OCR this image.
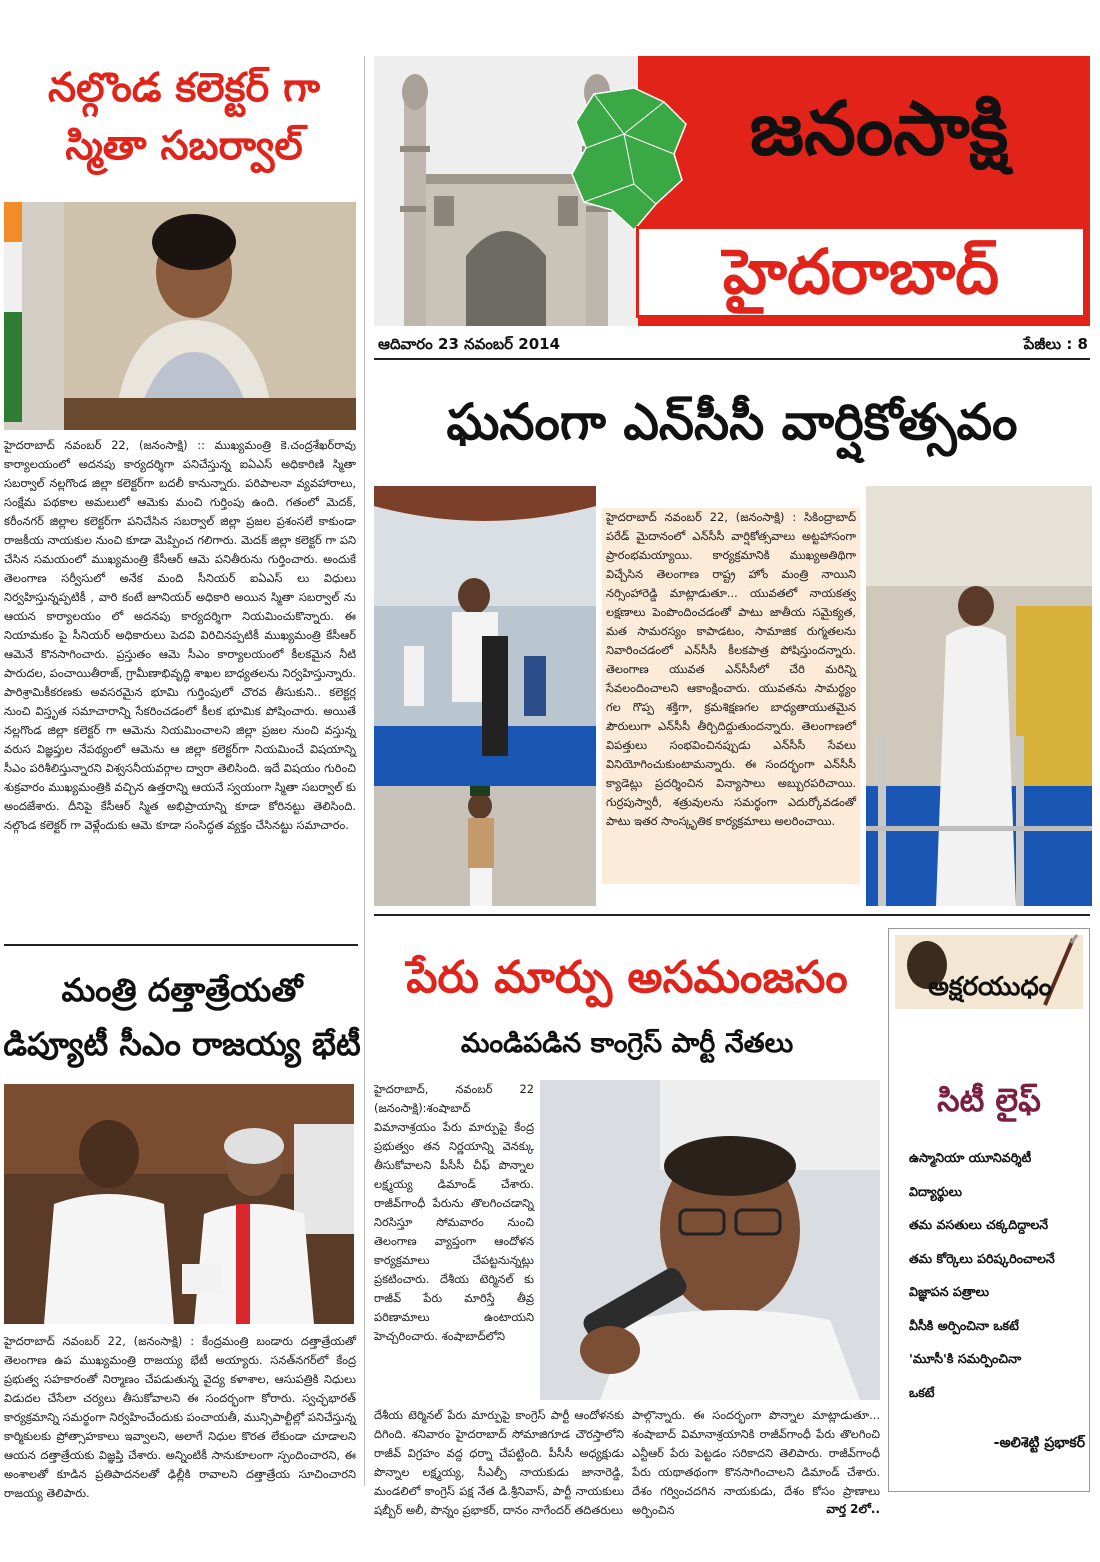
నల్గొండ కలెక్టర్ గా
స్మితా సబర్వాల్
హైదరాబాద్ నవంబర్ 22, (జనంసాక్షి) :: ముఖ్యమంత్రి కె.చంద్రశేఖర్‌రావు కార్యాలయంలో అదనపు కార్యదర్శిగా పనిచేస్తున్న ఐఏఎస్ అధికారిణి స్మితా సబర్వాల్ నల్లగొండ జిల్లా కలెక్టర్‌గా బదలీ కానున్నారు. పరిపాలనా వ్యవహారాలు, సంక్షేమ పథకాల అమలులో ఆమెకు మంచి గుర్తింపు ఉంది. గతంలో మెదక్, కరీంనగర్ జిల్లాల కలెక్టర్‌గా పనిచేసిన సబర్వాల్ జిల్లా ప్రజల ప్రశంసలే కాకుండా రాజకీయ నాయకుల నుంచి కూడా మెప్పించ గలిగారు. మెదక్ జిల్లా కలెక్టర్ గా పని చేసిన సమయంలో ముఖ్యమంత్రి కేసీఆర్ ఆమె పనితీరును గుర్తించారు. అందుకే తెలంగాణ సర్వీసులో అనేక మంది సీనియర్ ఐఏఎస్ లు విధులు నిర్వహిస్తున్నప్పటికీ , వారి కంటే జూనియర్ అధికారి అయిన స్మితా సబర్వాల్ ను ఆయన కార్యాలయం లో అదనపు కార్యదర్శిగా నియమించుకొన్నారు. ఈ నియామకం పై సీనియర్ అధికారులు పెదవి విరిచినప్పటికీ ముఖ్యమంత్రి కేసీఆర్ ఆమెనే కొనసాగించారు. ప్రస్తుతం ఆమె సీఎం కార్యాలయంలో కీలకమైన నీటి పారుదల, పంచాయితీరాజ్, గ్రామీణాభివృద్ధి శాఖల బాధ్యతలను నిర్వహిస్తున్నారు. పారిశ్రామికీకరణకు అవసరమైన భూమి గుర్తింపులో చొరవ తీసుకుని.. కలెక్టర్ల నుంచి విస్తృత సమాచారాన్ని సేకరించడంలో కీలక భూమిక పోషించారు. అయితే నల్లగొండ జిల్లా కలెక్టర్ గా ఆమెను నియమించాలని జిల్లా ప్రజల నుంచి వస్తున్న వరుస విజ్ఞప్తుల నేపథ్యంలో ఆమెను ఆ జిల్లా కలెక్టర్‌గా నియమించే విషయాన్ని సీఎం పరిశీలిస్తున్నారని విశ్వసనీయవర్గాల ద్వారా తెలిసింది. ఇదే విషయం గురించి శుక్రవారం ముఖ్యమంత్రికి వచ్చిన ఉత్తరాన్ని ఆయనే స్వయంగా స్మితా సబర్వాల్ కు అందజేశారు. దీనిపై కేసీఆర్ స్మిత అభిప్రాయాన్ని కూడా కోరినట్టు తెలిసింది. నల్గొండ కలెక్టర్ గా వెళ్లేందుకు ఆమె కూడా సంసిద్ధత వ్యక్తం చేసినట్టు సమాచారం.
జనంసాక్షి
హైదరాబాద్
ఆదివారం 23 నవంబర్ 2014	పేజీలు : 8
ఘనంగా ఎన్‌సీసీ వార్షికోత్సవం
హైదరాబాద్ నవంబర్ 22, (జనంసాక్షి) : సికింద్రాబాద్ పరేడ్ మైదానంలో ఎన్‌సీసీ వార్షికోత్సవాలు అట్టహాసంగా ప్రారంభమయ్యాయి. కార్యక్రమానికి ముఖ్యఅతిథిగా విచ్చేసిన తెలంగాణ రాష్ట్ర హోం మంత్రి నాయిని నర్సింహారెడ్డి మాట్లాడుతూ... యువతలో నాయకత్వ లక్షణాలు పెంపొందించడంతో పాటు జాతీయ సమైక్యత, మత సామరస్యం కాపాడటం, సామాజిక రుగ్మతలను నివారించడంలో ఎన్‌సీసీ కీలకపాత్ర పోషిస్తుందన్నారు. తెలంగాణ యువత ఎన్‌సీసీలో చేరి మరిన్ని సేవలందించాలని ఆకాంక్షించారు. యువతను సామర్థ్యం గల గొప్ప శక్తిగా, క్రమశిక్షణగల బాధ్యతాయుతమైన పౌరులుగా ఎన్‌సీసీ తీర్చిదిద్దుతుందన్నారు. తెలంగాణలో విపత్తులు సంభవించినప్పుడు ఎన్‌సీసీ సేవలు వినియోగించుకుంటామన్నారు. ఈ సందర్భంగా ఎన్‌సీసీ క్యాడెట్లు ప్రదర్శించిన విన్యాసాలు అబ్బురపరిచాయి. గుర్రపుస్వారీ, శత్రువులను సమర్థంగా ఎదుర్కోవడంతో పాటు ఇతర సాంస్కృతిక కార్యక్రమాలు అలరించాయి.
మంత్రి దత్తాత్రేయతో
డిప్యూటీ సీఎం రాజయ్య భేటీ
హైదరాబాద్ నవంబర్ 22, (జనంసాక్షి) : కేంద్రమంత్రి బండారు దత్తాత్రేయతో తెలంగాణ ఉప ముఖ్యమంత్రి రాజయ్య భేటీ అయ్యారు. సనత్‌నగర్‌లో కేంద్ర ప్రభుత్వ సహకారంతో నిర్మాణం చేపడుతున్న వైద్య కళాశాల, ఆసుపత్రికి నిధులు విడుదల చేసేలా చర్యలు తీసుకోవాలని ఈ సందర్భంగా కోరారు. స్వచ్ఛభారత్ కార్యక్రమాన్ని సమర్థంగా నిర్వహించేందుకు పంచాయతీ, మున్సిపాల్టీల్లో పనిచేస్తున్న కార్మికులకు ప్రోత్సాహకాలు ఇవ్వాలని, అలాగే నిధుల కొరత లేకుండా చూడాలని ఆయన దత్తాత్రేయకు విజ్ఞప్తి చేశారు. అన్నింటికీ సానుకూలంగా స్పందించారని, ఈ అంశాలతో కూడిన ప్రతిపాదనలతో ఢిల్లీకి రావాలని దత్తాత్రేయ సూచించారని రాజయ్య తెలిపారు.
పేరు మార్పు అసమంజసం
మండిపడిన కాంగ్రెస్ పార్టీ నేతలు
హైదరాబాద్, నవంబర్ 22 (జనంసాక్షి):శంషాబాద్ విమానాశ్రయం పేరు మార్పుపై కేంద్ర ప్రభుత్వం తన నిర్ణయాన్ని వెనక్కు తీసుకోవాలని పీసీసీ చీఫ్ పొన్నాల లక్ష్మయ్య డిమాండ్ చేశారు. రాజీవ్‌గాంధీ పేరును తొలగించడాన్ని నిరసిస్తూ సోమవారం నుంచి తెలంగాణ వ్యాప్తంగా ఆందోళన కార్యక్రమాలు చేపట్టనున్నట్లు ప్రకటించారు. దేశీయ టెర్మినల్ కు రాజీవ్ పేరు మారిస్తే తీవ్ర పరిణామాలు ఉంటాయని హెచ్చరించారు. శంషాబాద్‌లోని
దేశీయ టెర్మినల్ పేరు మార్పుపై కాంగ్రెస్ పార్టీ ఆందోళనకు దిగింది. శనివారం హైదరాబాద్ సోమాజిగూడ చౌరస్తాలోని రాజీవ్ విగ్రహం వద్ద ధర్నా చేపట్టింది. పీసీసీ అధ్యక్షుడు పొన్నాల లక్ష్మయ్య, సీఎల్పీ నాయకుడు జానారెడ్డి, మండలిలో కాంగ్రెస్ పక్ష నేత డి.శ్రీనివాస్, పార్టీ నాయకులు షబ్బీర్ అలీ, పొన్నం ప్రభాకర్, దానం నాగేందర్ తదితరులు
పాల్గొన్నారు. ఈ సందర్భంగా పొన్నాల మాట్లాడుతూ... శంషాబాద్ విమానాశ్రయానికి రాజీవ్‌గాంధీ పేరు తొలగించి ఎన్టీఆర్ పేరు పెట్టడం సరికాదని తెలిపారు. రాజీవ్‌గాంధీ పేరు యథాతథంగా కొనసాగించాలని డిమాండ్ చేశారు. దేశం గర్వించదగిన నాయకుడు, దేశం కోసం ప్రాణాలు అర్పించిన	వార్త 2లో..
అక్షరయుధం
సిటీ లైఫ్
ఉస్మానియా యూనివర్శిటీ
విద్యార్థులు
తమ వసతులు చక్కదిద్దాలనే
తమ కోర్కెలు పరిష్కరించాలనే
విజ్ఞాపన పత్రాలు
వీసీకి అర్పించినా ఒకటే
'మూసీ'కి సమర్పించినా
ఒకటే
-అలిశెట్టి ప్రభాకర్
